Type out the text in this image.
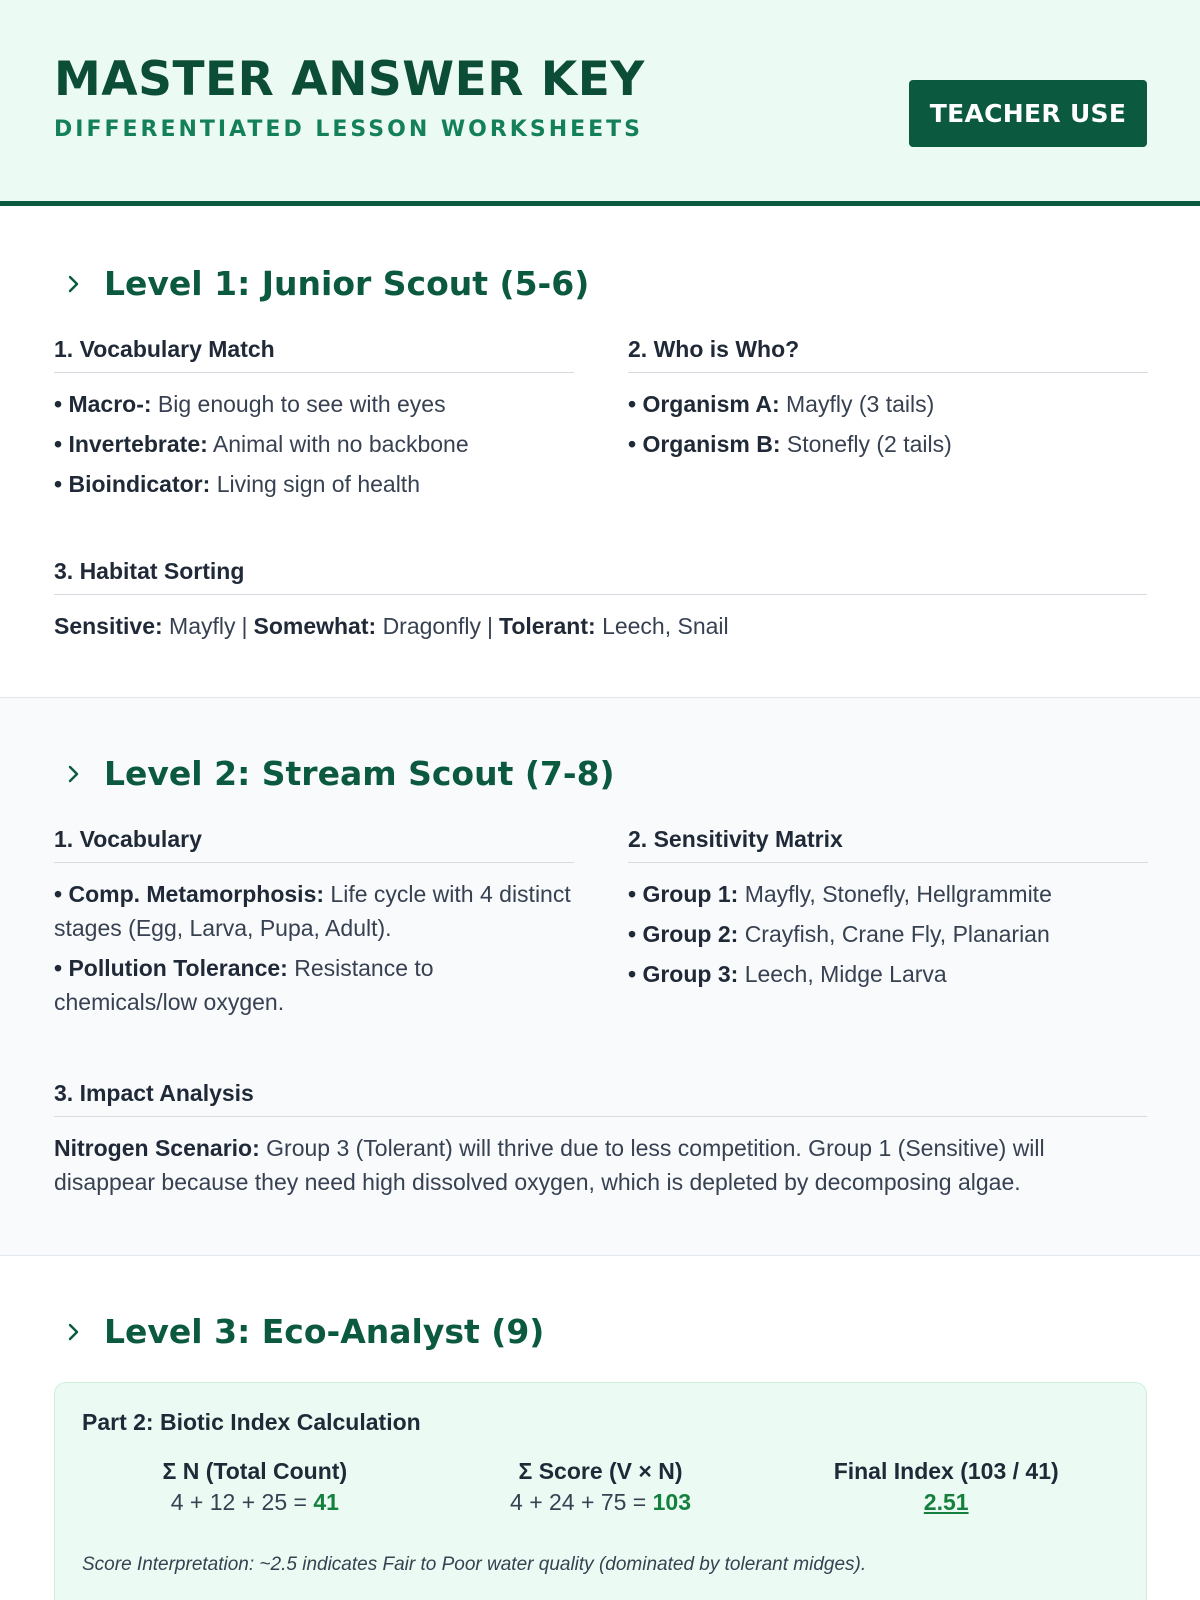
MASTER ANSWER KEY
DIFFERENTIATED LESSON WORKSHEETS
TEACHER USE
Level 1: Junior Scout (5-6)
1. Vocabulary Match
• Macro-: Big enough to see with eyes
• Invertebrate: Animal with no backbone
• Bioindicator: Living sign of health
2. Who is Who?
• Organism A: Mayfly (3 tails)
• Organism B: Stonefly (2 tails)
3. Habitat Sorting
Sensitive: Mayfly | Somewhat: Dragonfly | Tolerant: Leech, Snail
Level 2: Stream Scout (7-8)
1. Vocabulary
• Comp. Metamorphosis: Life cycle with 4 distinct stages (Egg, Larva, Pupa, Adult).
• Pollution Tolerance: Resistance to chemicals/low oxygen.
2. Sensitivity Matrix
• Group 1: Mayfly, Stonefly, Hellgrammite
• Group 2: Crayfish, Crane Fly, Planarian
• Group 3: Leech, Midge Larva
3. Impact Analysis
Nitrogen Scenario: Group 3 (Tolerant) will thrive due to less competition. Group 1 (Sensitive) will disappear because they need high dissolved oxygen, which is depleted by decomposing algae.
Level 3: Eco-Analyst (9)
Part 2: Biotic Index Calculation
Σ N (Total Count)
4 + 12 + 25 = 41
Σ Score (V × N)
4 + 24 + 75 = 103
Final Index (103 / 41)
2.51
Score Interpretation: ~2.5 indicates Fair to Poor water quality (dominated by tolerant midges).
